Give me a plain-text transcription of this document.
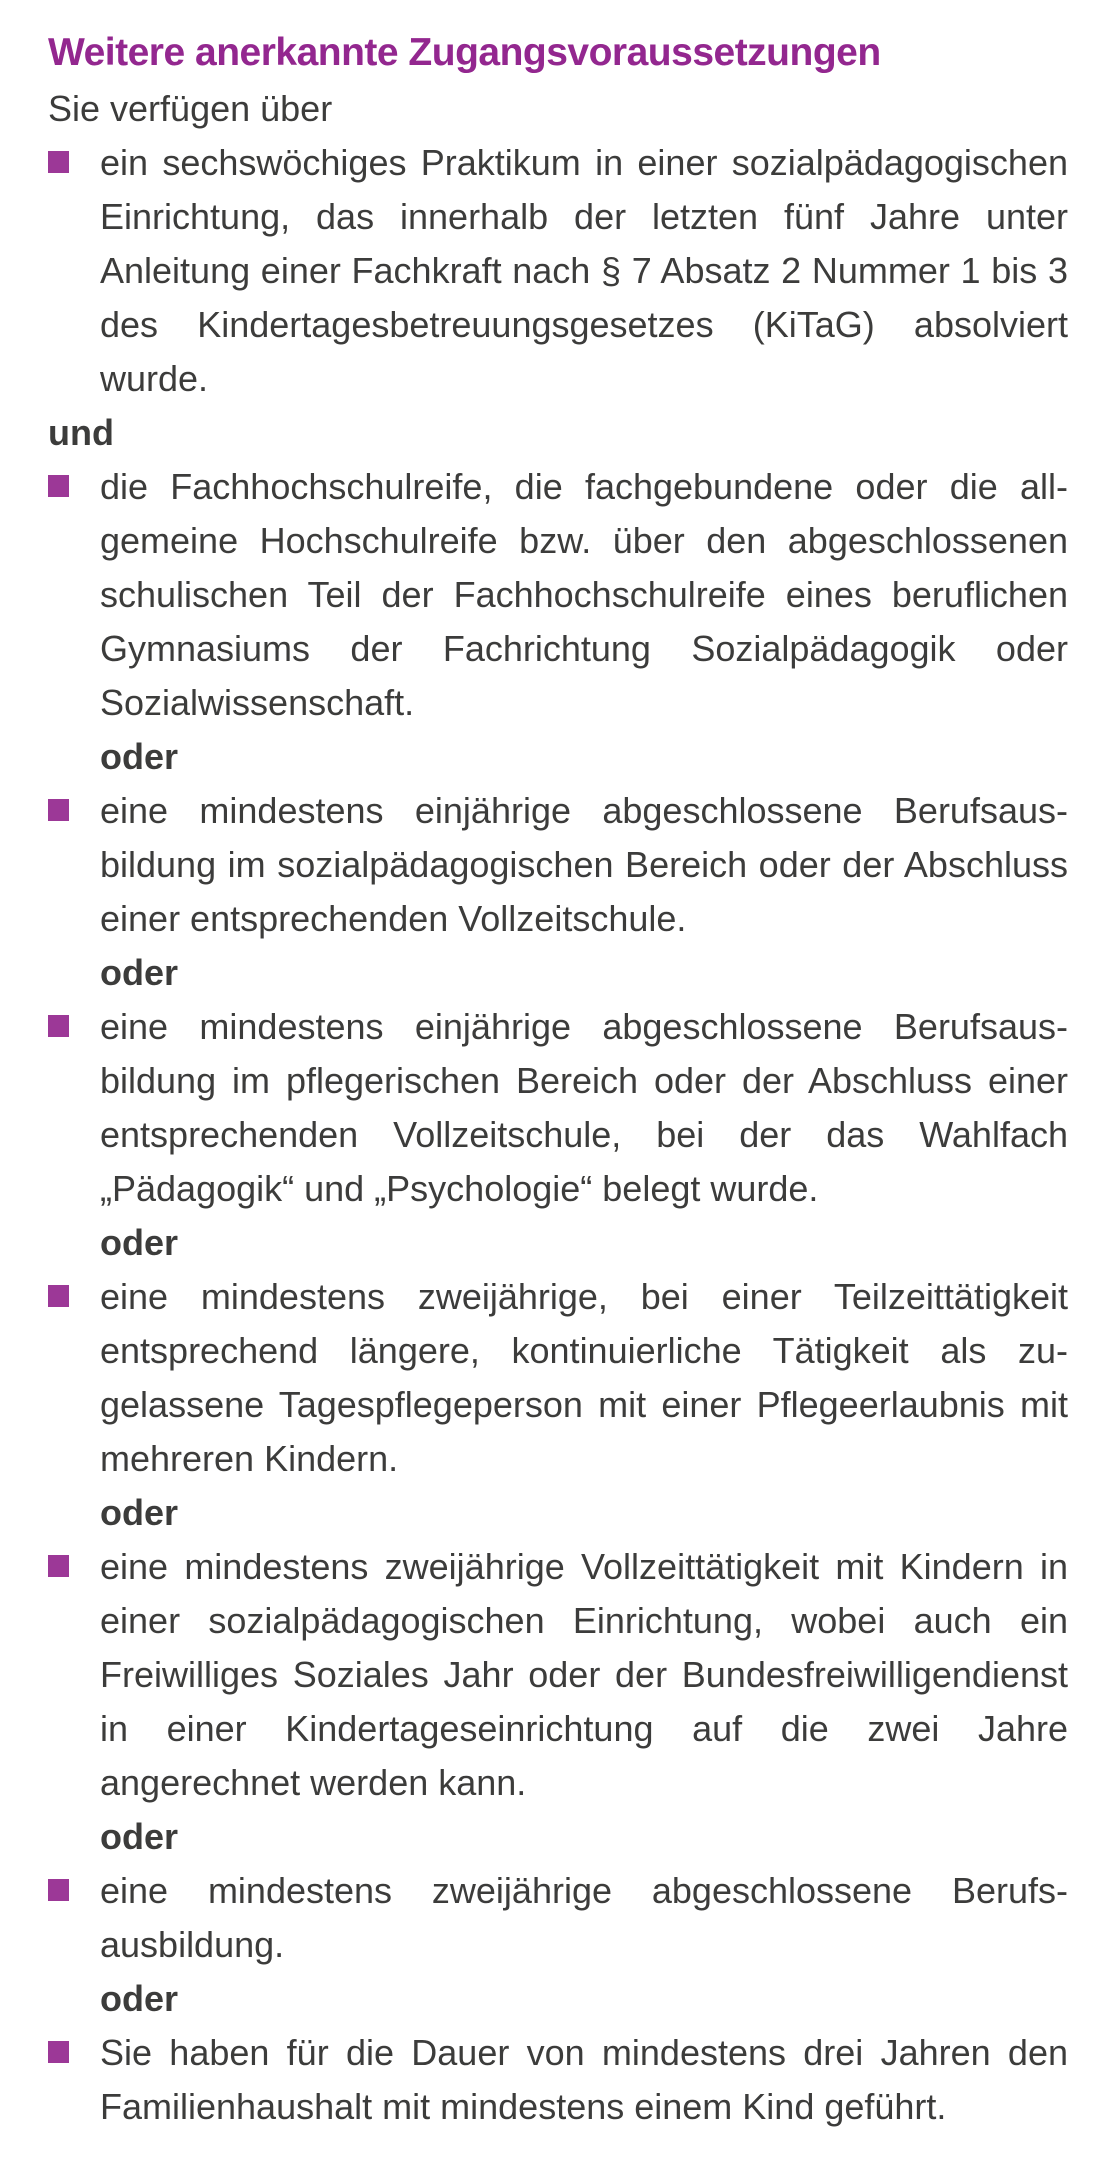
Weitere anerkannte Zugangsvoraussetzungen

Sie verfügen über

ein sechswöchiges Praktikum in einer sozialpädagogischen Einrichtung, das innerhalb der letzten fünf Jahre unter Anleitung einer Fachkraft nach § 7 Absatz 2 Nummer 1 bis 3 des Kindertagesbetreuungsgesetzes (KiTaG) absolviert wurde.

und

die Fachhochschulreife, die fachgebundene oder die allgemeine Hochschulreife bzw. über den abgeschlossenen schulischen Teil der Fachhochschulreife eines beruflichen Gymnasiums der Fachrichtung Sozialpädagogik oder Sozialwissenschaft.

oder

eine mindestens einjährige abgeschlossene Berufsausbildung im sozialpädagogischen Bereich oder der Abschluss einer entsprechenden Vollzeitschule.

oder

eine mindestens einjährige abgeschlossene Berufsausbildung im pflegerischen Bereich oder der Abschluss einer entsprechenden Vollzeitschule, bei der das Wahlfach „Pädagogik“ und „Psychologie“ belegt wurde.

oder

eine mindestens zweijährige, bei einer Teilzeittätigkeit entsprechend längere, kontinuierliche Tätigkeit als zugelassene Tagespflegeperson mit einer Pflegeerlaubnis mit mehreren Kindern.

oder

eine mindestens zweijährige Vollzeittätigkeit mit Kindern in einer sozialpädagogischen Einrichtung, wobei auch ein Freiwilliges Soziales Jahr oder der Bundesfreiwilligendienst in einer Kindertageseinrichtung auf die zwei Jahre angerechnet werden kann.

oder

eine mindestens zweijährige abgeschlossene Berufsausbildung.

oder

Sie haben für die Dauer von mindestens drei Jahren den Familienhaushalt mit mindestens einem Kind geführt.
